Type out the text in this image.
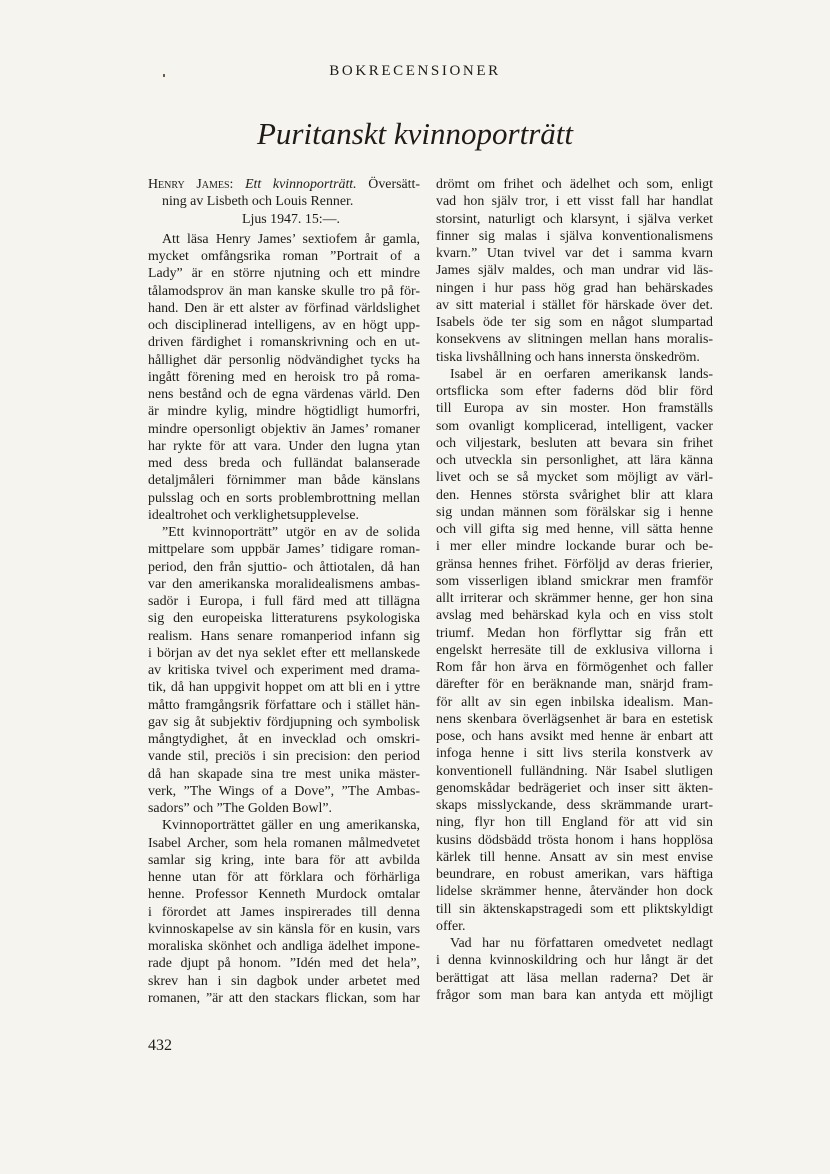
BOKRECENSIONER
Puritanskt kvinnoporträtt
Henry James: Ett kvinnoporträtt. Översätt-
ning av Lisbeth och Louis Renner.
Ljus 1947. 15:—.
Att läsa Henry James’ sextiofem år gamla,
mycket omfångsrika roman ”Portrait of a
Lady” är en större njutning och ett mindre
tålamodsprov än man kanske skulle tro på för-
hand. Den är ett alster av förfinad världslighet
och disciplinerad intelligens, av en högt upp-
driven färdighet i romanskrivning och en ut-
hållighet där personlig nödvändighet tycks ha
ingått förening med en heroisk tro på roma-
nens bestånd och de egna värdenas värld. Den
är mindre kylig, mindre högtidligt humorfri,
mindre opersonligt objektiv än James’ romaner
har rykte för att vara. Under den lugna ytan
med dess breda och fulländat balanserade
detaljmåleri förnimmer man både känslans
pulsslag och en sorts problembrottning mellan
idealtrohet och verklighetsupplevelse.
”Ett kvinnoporträtt” utgör en av de solida
mittpelare som uppbär James’ tidigare roman-
period, den från sjuttio- och åttiotalen, då han
var den amerikanska moralidealismens ambas-
sadör i Europa, i full färd med att tillägna
sig den europeiska litteraturens psykologiska
realism. Hans senare romanperiod infann sig
i början av det nya seklet efter ett mellanskede
av kritiska tvivel och experiment med drama-
tik, då han uppgivit hoppet om att bli en i yttre
måtto framgångsrik författare och i stället hän-
gav sig åt subjektiv fördjupning och symbolisk
mångtydighet, åt en invecklad och omskri-
vande stil, preciös i sin precision: den period
då han skapade sina tre mest unika mäster-
verk, ”The Wings of a Dove”, ”The Ambas-
sadors” och ”The Golden Bowl”.
Kvinnoporträttet gäller en ung amerikanska,
Isabel Archer, som hela romanen målmedvetet
samlar sig kring, inte bara för att avbilda
henne utan för att förklara och förhärliga
henne. Professor Kenneth Murdock omtalar
i förordet att James inspirerades till denna
kvinnoskapelse av sin känsla för en kusin, vars
moraliska skönhet och andliga ädelhet impone-
rade djupt på honom. ”Idén med det hela”,
skrev han i sin dagbok under arbetet med
romanen, ”är att den stackars flickan, som har
drömt om frihet och ädelhet och som, enligt
vad hon själv tror, i ett visst fall har handlat
storsint, naturligt och klarsynt, i själva verket
finner sig malas i själva konventionalismens
kvarn.” Utan tvivel var det i samma kvarn
James själv maldes, och man undrar vid läs-
ningen i hur pass hög grad han behärskades
av sitt material i stället för härskade över det.
Isabels öde ter sig som en något slumpartad
konsekvens av slitningen mellan hans moralis-
tiska livshållning och hans innersta önskedröm.
Isabel är en oerfaren amerikansk lands-
ortsflicka som efter faderns död blir förd
till Europa av sin moster. Hon framställs
som ovanligt komplicerad, intelligent, vacker
och viljestark, besluten att bevara sin frihet
och utveckla sin personlighet, att lära känna
livet och se så mycket som möjligt av värl-
den. Hennes största svårighet blir att klara
sig undan männen som förälskar sig i henne
och vill gifta sig med henne, vill sätta henne
i mer eller mindre lockande burar och be-
gränsa hennes frihet. Förföljd av deras frierier,
som visserligen ibland smickrar men framför
allt irriterar och skrämmer henne, ger hon sina
avslag med behärskad kyla och en viss stolt
triumf. Medan hon förflyttar sig från ett
engelskt herresäte till de exklusiva villorna i
Rom får hon ärva en förmögenhet och faller
därefter för en beräknande man, snärjd fram-
för allt av sin egen inbilska idealism. Man-
nens skenbara överlägsenhet är bara en estetisk
pose, och hans avsikt med henne är enbart att
infoga henne i sitt livs sterila konstverk av
konventionell fulländning. När Isabel slutligen
genomskådar bedrägeriet och inser sitt äkten-
skaps misslyckande, dess skrämmande urart-
ning, flyr hon till England för att vid sin
kusins dödsbädd trösta honom i hans hopplösa
kärlek till henne. Ansatt av sin mest envise
beundrare, en robust amerikan, vars häftiga
lidelse skrämmer henne, återvänder hon dock
till sin äktenskapstragedi som ett pliktskyldigt
offer.
Vad har nu författaren omedvetet nedlagt
i denna kvinnoskildring och hur långt är det
berättigat att läsa mellan raderna? Det är
frågor som man bara kan antyda ett möjligt
432
